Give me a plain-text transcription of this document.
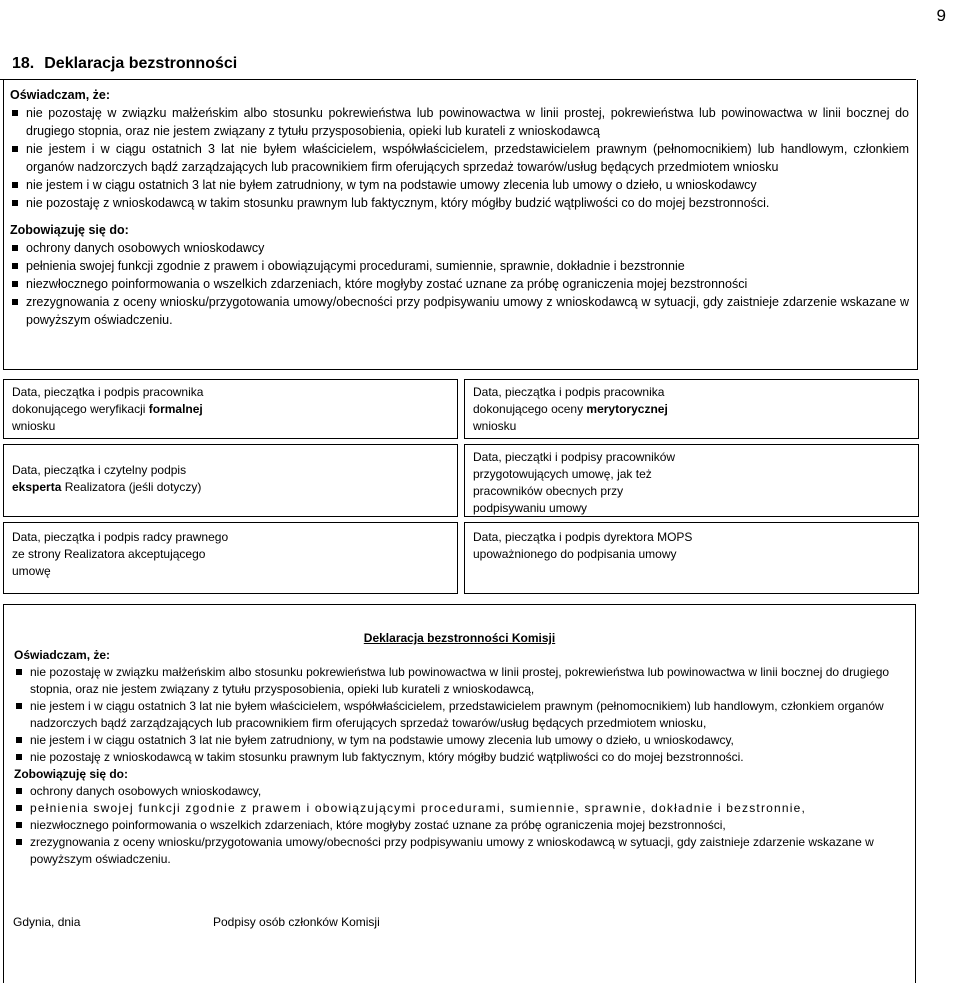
9
18. Deklaracja bezstronności
Oświadczam, że:
nie pozostaję w związku małżeńskim albo stosunku pokrewieństwa lub powinowactwa w linii prostej, pokrewieństwa lub powinowactwa w linii bocznej do drugiego stopnia, oraz nie jestem związany z tytułu przysposobienia, opieki lub kurateli z wnioskodawcą
nie jestem i w ciągu ostatnich 3 lat nie byłem właścicielem, współwłaścicielem, przedstawicielem prawnym (pełnomocnikiem) lub handlowym, członkiem organów nadzorczych bądź zarządzających lub pracownikiem firm oferujących sprzedaż towarów/usług będących przedmiotem wniosku
nie jestem i w ciągu ostatnich 3 lat nie byłem zatrudniony, w tym na podstawie umowy zlecenia lub umowy o dzieło, u wnioskodawcy
nie pozostaję z wnioskodawcą w takim stosunku prawnym lub faktycznym, który mógłby budzić wątpliwości co do mojej bezstronności.
Zobowiązuję się do:
ochrony danych osobowych wnioskodawcy
pełnienia swojej funkcji zgodnie z prawem i obowiązującymi procedurami, sumiennie, sprawnie, dokładnie i bezstronnie
niezwłocznego poinformowania o wszelkich zdarzeniach, które mogłyby zostać uznane za próbę ograniczenia mojej bezstronności
zrezygnowania z oceny wniosku/przygotowania umowy/obecności przy podpisywaniu umowy z wnioskodawcą w sytuacji, gdy zaistnieje zdarzenie wskazane w powyższym oświadczeniu.
Data, pieczątka i podpis pracownika dokonującego weryfikacji formalnej wniosku
Data, pieczątka i podpis pracownika dokonującego oceny merytorycznej wniosku
Data, pieczątka i czytelny podpis eksperta Realizatora (jeśli dotyczy)
Data, pieczątki i podpisy pracowników przygotowujących umowę, jak też pracowników obecnych przy podpisywaniu umowy
Data, pieczątka i podpis radcy prawnego ze strony Realizatora akceptującego umowę
Data, pieczątka i podpis dyrektora MOPS upoważnionego do podpisania umowy
Deklaracja bezstronności Komisji
Oświadczam, że:
nie pozostaję w związku małżeńskim albo stosunku pokrewieństwa lub powinowactwa w linii prostej, pokrewieństwa lub powinowactwa w linii bocznej do drugiego stopnia, oraz nie jestem związany z tytułu przysposobienia, opieki lub kurateli z wnioskodawcą,
nie jestem i w ciągu ostatnich 3 lat nie byłem właścicielem, współwłaścicielem, przedstawicielem prawnym (pełnomocnikiem) lub handlowym, członkiem organów nadzorczych bądź zarządzających lub pracownikiem firm oferujących sprzedaż towarów/usług będących przedmiotem wniosku,
nie jestem i w ciągu ostatnich 3 lat nie byłem zatrudniony, w tym na podstawie umowy zlecenia lub umowy o dzieło, u wnioskodawcy,
nie pozostaję z wnioskodawcą w takim stosunku prawnym lub faktycznym, który mógłby budzić wątpliwości co do mojej bezstronności.
Zobowiązuję się do:
ochrony danych osobowych wnioskodawcy,
pełnienia swojej funkcji zgodnie z prawem i obowiązującymi procedurami, sumiennie, sprawnie, dokładnie i bezstronnie,
niezwłocznego poinformowania o wszelkich zdarzeniach, które mogłyby zostać uznane za próbę ograniczenia mojej bezstronności,
zrezygnowania z oceny wniosku/przygotowania umowy/obecności przy podpisywaniu umowy z wnioskodawcą w sytuacji, gdy zaistnieje zdarzenie wskazane w powyższym oświadczeniu.
Gdynia, dnia	Podpisy osób członków Komisji
